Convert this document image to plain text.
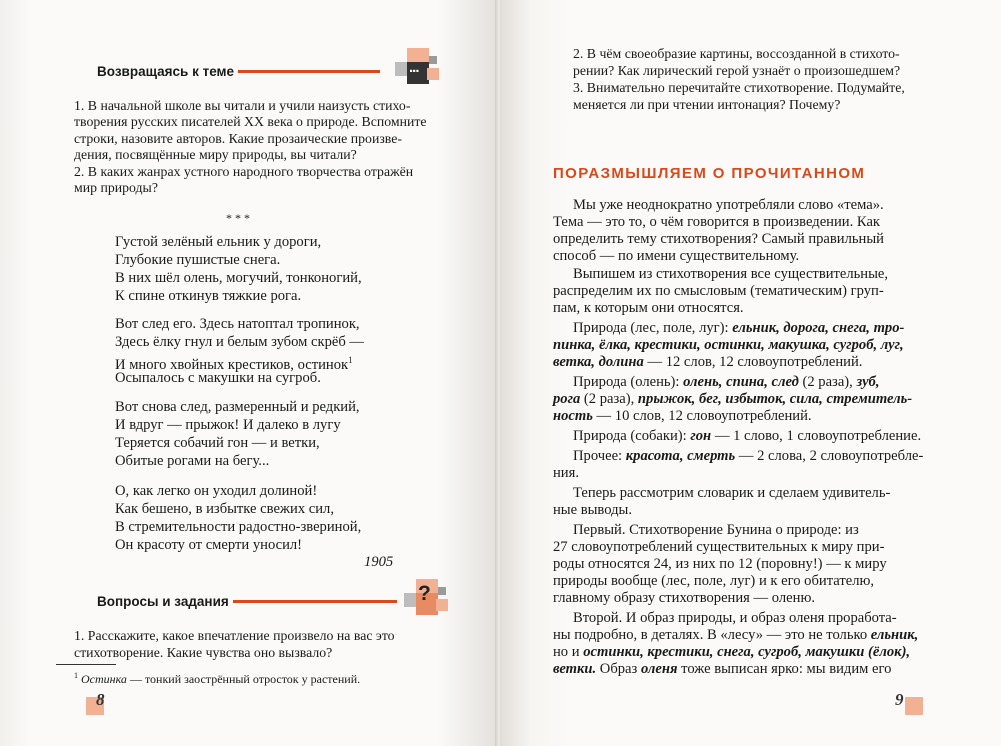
Возвращаясь к теме	...
1. В начальной школе вы читали и учили наизусть стихо-
творения русских писателей XX века о природе. Вспомните
строки, назовите авторов. Какие прозаические произве-
дения, посвящённые миру природы, вы читали?
2. В каких жанрах устного народного творчества отражён
мир природы?
* * *
Густой зелёный ельник у дороги,
Глубокие пушистые снега.
В них шёл олень, могучий, тонконогий,
К спине откинув тяжкие рога.
Вот след его. Здесь натоптал тропинок,
Здесь ёлку гнул и белым зубом скрёб —
И много хвойных крестиков, остинок$^1$
Осыпалось с макушки на сугроб.
Вот снова след, размеренный и редкий,
И вдруг — прыжок! И далеко в лугу
Теряется собачий гон — и ветки,
Обитые рогами на бегу...
О, как легко он уходил долиной!
Как бешено, в избытке свежих сил,
В стремительности радостно-звериной,
Он красоту от смерти уносил!
1905
Вопросы и задания	?
1. Расскажите, какое впечатление произвело на вас это
стихотворение. Какие чувства оно вызвало?
$^1$ Остинка — тонкий заострённый отросток у растений.
8
2. В чём своеобразие картины, воссозданной в стихото-
рении? Как лирический герой узнаёт о произошедшем?
3. Внимательно перечитайте стихотворение. Подумайте,
меняется ли при чтении интонация? Почему?
ПОРАЗМЫШЛЯЕМ О ПРОЧИТАННОМ
Мы уже неоднократно употребляли слово «тема».
Тема — это то, о чём говорится в произведении. Как
определить тему стихотворения? Самый правильный
способ — по имени существительному.
Выпишем из стихотворения все существительные,
распределим их по смысловым (тематическим) груп-
пам, к которым они относятся.
Природа (лес, поле, луг): ельник, дорога, снега, тро-
пинка, ёлка, крестики, остинки, макушка, сугроб, луг,
ветка, долина — 12 слов, 12 словоупотреблений.
Природа (олень): олень, спина, след (2 раза), зуб,
рога (2 раза), прыжок, бег, избыток, сила, стремитель-
ность — 10 слов, 12 словоупотреблений.
Природа (собаки): гон — 1 слово, 1 словоупотребление.
Прочее: красота, смерть — 2 слова, 2 словоупотребле-
ния.
Теперь рассмотрим словарик и сделаем удивитель-
ные выводы.
Первый. Стихотворение Бунина о природе: из
27 словоупотреблений существительных к миру при-
роды относятся 24, из них по 12 (поровну!) — к миру
природы вообще (лес, поле, луг) и к его обитателю,
главному образу стихотворения — оленю.
Второй. И образ природы, и образ оленя проработа-
ны подробно, в деталях. В «лесу» — это не только ельник,
но и остинки, крестики, снега, сугроб, макушки (ёлок),
ветки. Образ оленя тоже выписан ярко: мы видим его
9
